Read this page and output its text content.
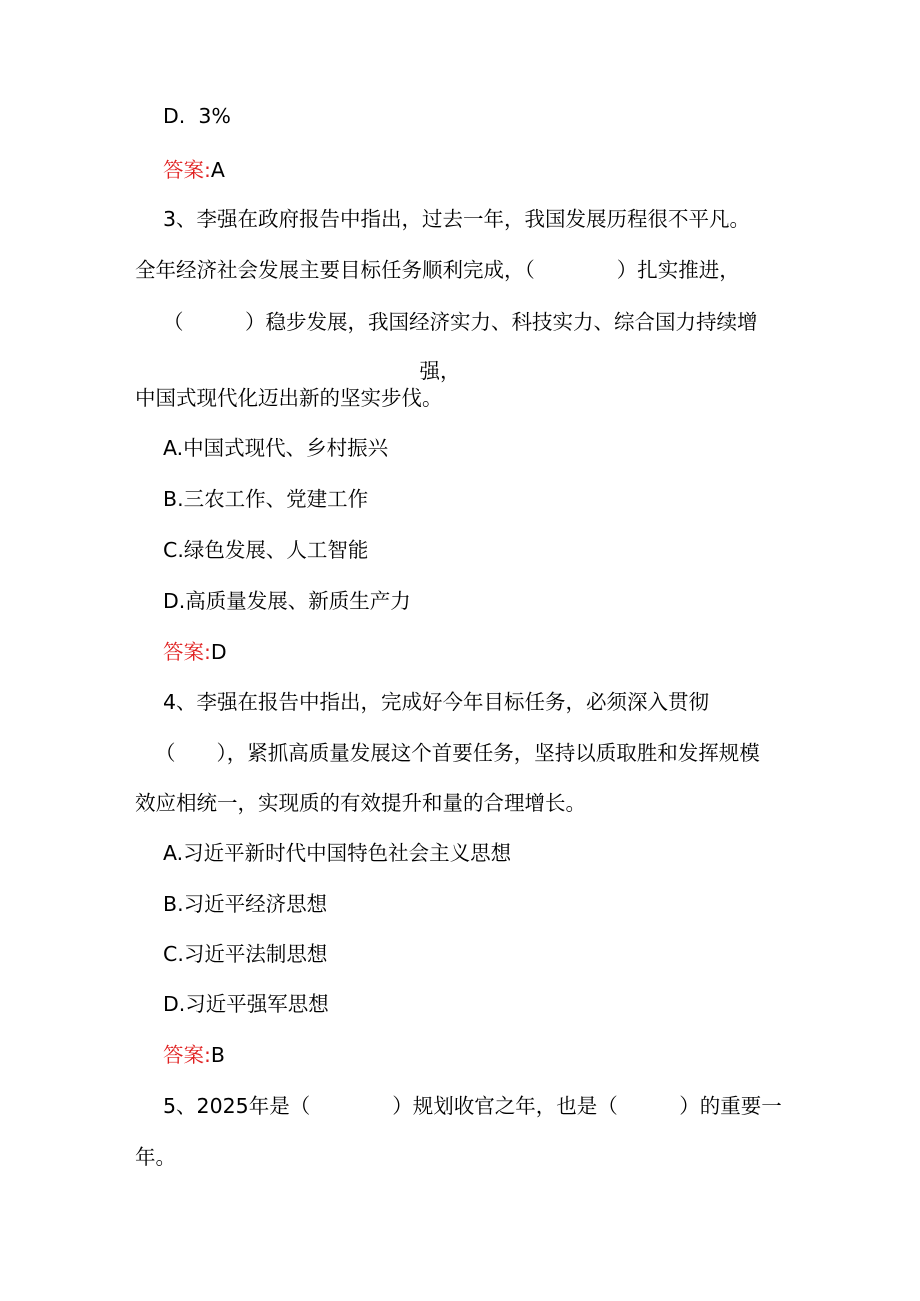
D.  3%

答案:A

3、李强在政府报告中指出，过去一年，我国发展历程很不平凡。

全年经济社会发展主要目标任务顺利完成，（　　　　）扎实推进，

（　　　）稳步发展，我国经济实力、科技实力、综合国力持续增

强，

中国式现代化迈出新的坚实步伐。

A.中国式现代、乡村振兴

B.三农工作、党建工作

C.绿色发展、人工智能

D.高质量发展、新质生产力

答案:D

4、李强在报告中指出，完成好今年目标任务，必须深入贯彻

（　　），紧抓高质量发展这个首要任务，坚持以质取胜和发挥规模

效应相统一，实现质的有效提升和量的合理增长。

A.习近平新时代中国特色社会主义思想

B.习近平经济思想

C.习近平法制思想

D.习近平强军思想

答案:B

5、2025年是（　　　　）规划收官之年，也是（　　　）的重要一

年。
